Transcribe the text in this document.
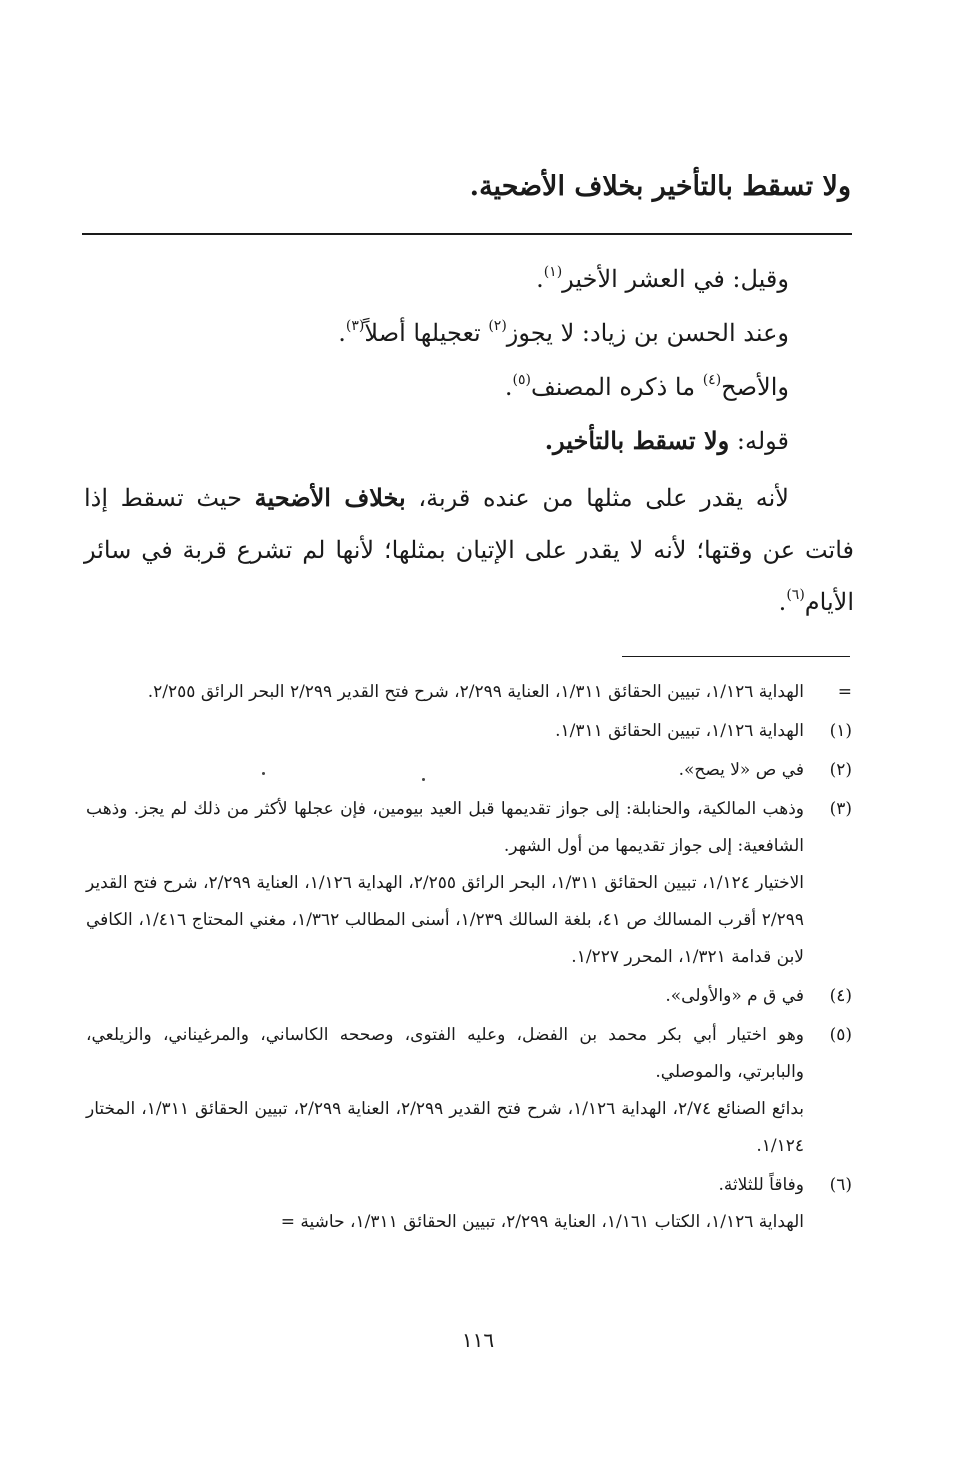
ولا تسقط بالتأخير بخلاف الأضحية.

وقيل: في العشر الأخير$^{(١)}$.

وعند الحسن بن زياد: لا يجوز$^{(٢)}$ تعجيلها أصلاً$^{(٣)}$.

والأصح$^{(٤)}$ ما ذكره المصنف$^{(٥)}$.

قوله: ولا تسقط بالتأخير.

لأنه يقدر على مثلها من عنده قربة، بخلاف الأضحية حيث تسقط إذا فاتت عن وقتها؛ لأنه لا يقدر على الإتيان بمثلها؛ لأنها لم تشرع قربة في سائر الأيام$^{(٦)}$.

=
الهداية ١/١٢٦، تبيين الحقائق ١/٣١١، العناية ٢/٢٩٩، شرح فتح القدير ٢/٢٩٩ البحر الرائق ٢/٢٥٥.
(١)
الهداية ١/١٢٦، تبيين الحقائق ١/٣١١.
(٢)
في ص «لا يصح».
(٣)

وذهب المالكية، والحنابلة: إلى جواز تقديمها قبل العيد بيومين، فإن عجلها لأكثر من ذلك لم يجز. وذهب الشافعية: إلى جواز تقديمها من أول الشهر.

الاختيار ١/١٢٤، تبيين الحقائق ١/٣١١، البحر الرائق ٢/٢٥٥، الهداية ١/١٢٦، العناية ٢/٢٩٩، شرح فتح القدير ٢/٢٩٩ أقرب المسالك ص ٤١، بلغة السالك ١/٢٣٩، أسنى المطالب ١/٣٦٢، مغني المحتاج ١/٤١٦، الكافي لابن قدامة ١/٣٢١، المحرر ١/٢٢٧.

(٤)
في ق م «والأولى».
(٥)

وهو اختيار أبي بكر محمد بن الفضل، وعليه الفتوى، وصححه الكاساني، والمرغيناني، والزيلعي، والبابرتي، والموصلي.

بدائع الصنائع ٢/٧٤، الهداية ١/١٢٦، شرح فتح القدير ٢/٢٩٩، العناية ٢/٢٩٩، تبيين الحقائق ١/٣١١، المختار ١/١٢٤.

(٦)

وفاقاً للثلاثة.

الهداية ١/١٢٦، الكتاب ١/١٦١، العناية ٢/٢٩٩، تبيين الحقائق ١/٣١١، حاشية =

١١٦
